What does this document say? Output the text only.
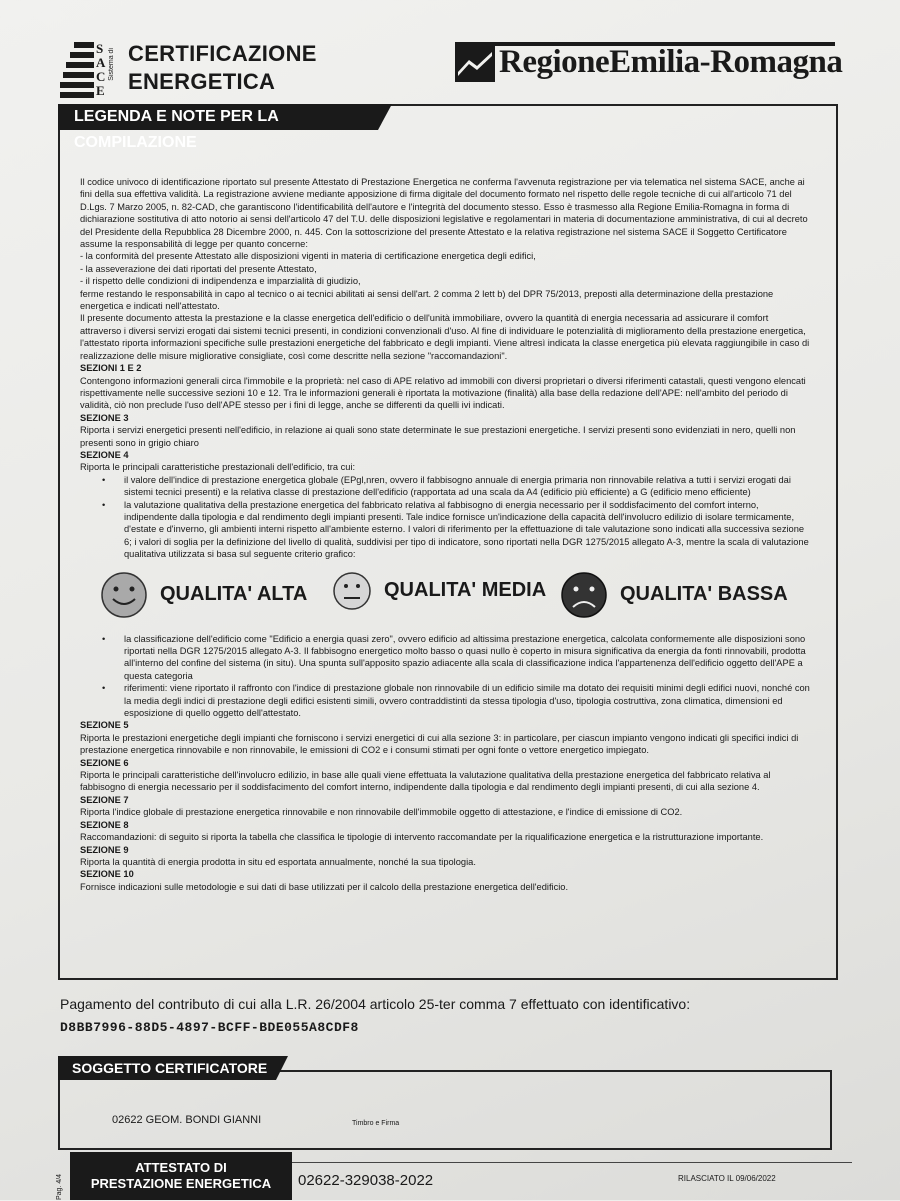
S
A
C
E
Sistema di CERTIFICAZIONE
ENERGETICA
RegioneEmilia-Romagna
LEGENDA E NOTE PER LA COMPILAZIONE

Il codice univoco di identificazione riportato sul presente Attestato di Prestazione Energetica ne conferma l'avvenuta registrazione per via telematica nel sistema SACE, anche ai fini della sua effettiva validità. La registrazione avviene mediante apposizione di firma digitale del documento formato nel rispetto delle regole tecniche di cui all'articolo 71 del D.Lgs. 7 Marzo 2005, n. 82-CAD, che garantiscono l'identificabilità dell'autore e l'integrità del documento stesso. Esso è trasmesso alla Regione Emilia-Romagna in forma di dichiarazione sostitutiva di atto notorio ai sensi dell'articolo 47 del T.U. delle disposizioni legislative e regolamentari in materia di documentazione amministrativa, di cui al decreto del Presidente della Repubblica 28 Dicembre 2000, n. 445. Con la sottoscrizione del presente Attestato e la relativa registrazione nel sistema SACE il Soggetto Certificatore assume la responsabilità di legge per quanto concerne:

- la conformità del presente Attestato alle disposizioni vigenti in materia di certificazione energetica degli edifici,

- la asseverazione dei dati riportati del presente Attestato,

- il rispetto delle condizioni di indipendenza e imparzialità di giudizio,

ferme restando le responsabilità in capo al tecnico o ai tecnici abilitati ai sensi dell'art. 2 comma 2 lett b) del DPR 75/2013, preposti alla determinazione della prestazione energetica e indicati nell'attestato.

Il presente documento attesta la prestazione e la classe energetica dell'edificio o dell'unità immobiliare, ovvero la quantità di energia necessaria ad assicurare il comfort attraverso i diversi servizi erogati dai sistemi tecnici presenti, in condizioni convenzionali d'uso. Al fine di individuare le potenzialità di miglioramento della prestazione energetica, l'attestato riporta informazioni specifiche sulle prestazioni energetiche del fabbricato e degli impianti. Viene altresì indicata la classe energetica più elevata raggiungibile in caso di realizzazione delle misure migliorative consigliate, così come descritte nella sezione "raccomandazioni".

SEZIONI 1 E 2

Contengono informazioni generali circa l'immobile e la proprietà: nel caso di APE relativo ad immobili con diversi proprietari o diversi riferimenti catastali, questi vengono elencati rispettivamente nelle successive sezioni 10 e 12. Tra le informazioni generali è riportata la motivazione (finalità) alla base della redazione dell'APE: nell'ambito del periodo di validità, ciò non preclude l'uso dell'APE stesso per i fini di legge, anche se differenti da quelli ivi indicati.

SEZIONE 3

Riporta i servizi energetici presenti nell'edificio, in relazione ai quali sono state determinate le sue prestazioni energetiche. I servizi presenti sono evidenziati in nero, quelli non presenti sono in grigio chiaro

SEZIONE 4

Riporta le principali caratteristiche prestazionali dell'edificio, tra cui:

• il valore dell'indice di prestazione energetica globale (EPgl,nren, ovvero il fabbisogno annuale di energia primaria non rinnovabile relativa a tutti i servizi erogati dai sistemi tecnici presenti) e la relativa classe di prestazione dell'edificio (rapportata ad una scala da A4 (edificio più efficiente) a G (edificio meno efficiente)

• la valutazione qualitativa della prestazione energetica del fabbricato relativa al fabbisogno di energia necessario per il soddisfacimento del comfort interno, indipendente dalla tipologia e dal rendimento degli impianti presenti. Tale indice fornisce un'indicazione della capacità dell'involucro edilizio di isolare termicamente, d'estate e d'inverno, gli ambienti interni rispetto all'ambiente esterno. I valori di riferimento per la effettuazione di tale valutazione sono indicati alla successiva sezione 6; i valori di soglia per la definizione del livello di qualità, suddivisi per tipo di indicatore, sono riportati nella DGR 1275/2015 allegato A-3, mentre la scala di valutazione qualitativa utilizzata si basa sul seguente criterio grafico:

QUALITA' ALTA	QUALITA' MEDIA	QUALITA' BASSA

• la classificazione dell'edificio come "Edificio a energia quasi zero", ovvero edificio ad altissima prestazione energetica, calcolata conformemente alle disposizioni sono riportati nella DGR 1275/2015 allegato A-3. Il fabbisogno energetico molto basso o quasi nullo è coperto in misura significativa da energia da fonti rinnovabili, prodotta all'interno del confine del sistema (in situ). Una spunta sull'apposito spazio adiacente alla scala di classificazione indica l'appartenenza dell'edificio oggetto dell'APE a questa categoria

• riferimenti: viene riportato il raffronto con l'indice di prestazione globale non rinnovabile di un edificio simile ma dotato dei requisiti minimi degli edifici nuovi, nonché con la media degli indici di prestazione degli edifici esistenti simili, ovvero contraddistinti da stessa tipologia d'uso, tipologia costruttiva, zona climatica, dimensioni ed esposizione di quello oggetto dell'attestato.

SEZIONE 5

Riporta le prestazioni energetiche degli impianti che forniscono i servizi energetici di cui alla sezione 3: in particolare, per ciascun impianto vengono indicati gli specifici indici di prestazione energetica rinnovabile e non rinnovabile, le emissioni di CO2 e i consumi stimati per ogni fonte o vettore energetico impiegato.

SEZIONE 6

Riporta le principali caratteristiche dell'involucro edilizio, in base alle quali viene effettuata la valutazione qualitativa della prestazione energetica del fabbricato relativa al fabbisogno di energia necessario per il soddisfacimento del comfort interno, indipendente dalla tipologia e dal rendimento degli impianti presenti, di cui alla sezione 4.

SEZIONE 7

Riporta l'indice globale di prestazione energetica rinnovabile e non rinnovabile dell'immobile oggetto di attestazione, e l'indice di emissione di CO2.

SEZIONE 8

Raccomandazioni: di seguito si riporta la tabella che classifica le tipologie di intervento raccomandate per la riqualificazione energetica e la ristrutturazione importante.

SEZIONE 9

Riporta la quantità di energia prodotta in situ ed esportata annualmente, nonché la sua tipologia.

SEZIONE 10

Fornisce indicazioni sulle metodologie e sui dati di base utilizzati per il calcolo della prestazione energetica dell'edificio.

Pagamento del contributo di cui alla L.R. 26/2004 articolo 25-ter comma 7 effettuato con identificativo:
D8BB7996-88D5-4897-BCFF-BDE055A8CDF8
SOGGETTO CERTIFICATORE
02622 GEOM. BONDI GIANNI	Timbro e Firma
Pag. 4/4
ATTESTATO DI
PRESTAZIONE ENERGETICA	02622-329038-2022	RILASCIATO IL 09/06/2022
